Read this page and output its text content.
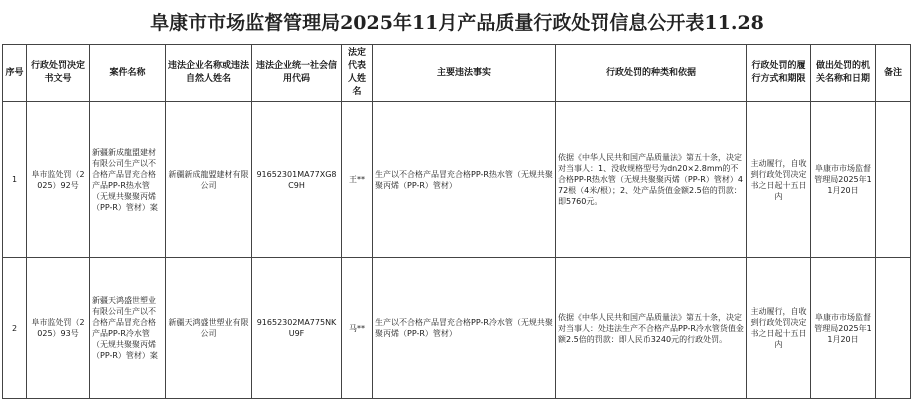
阜康市市场监督管理局2025年11月产品质量行政处罚信息公开表11.28
序号	行政处罚决定书文号	案件名称	违法企业名称或违法自然人姓名	违法企业统一社会信用代码	法定代表人姓名	主要违法事实	行政处罚的种类和依据	行政处罚的履行方式和期限	做出处罚的机关名称和日期	备注
1	阜市监处罚（2025）92号	新疆新成龍盟建材有限公司生产以不合格产品冒充合格产品PP-R热水管（无规共聚聚丙烯（PP-R）管材）案	新疆新成龍盟建材有限公司	91652301MA77XG8C9H	王**	生产以不合格产品冒充合格PP-R热水管（无规共聚聚丙烯（PP-R）管材）	依据《中华人民共和国产品质量法》第五十条，决定对当事人：1、没收规格型号为dn20×2.8mm的不合格PP-R热水管（无规共聚聚丙烯（PP-R）管材）472根（4米/根）；2、处产品货值金额2.5倍的罚款：即5760元。	主动履行，自收到行政处罚决定书之日起十五日内	阜康市市场监督管理局2025年11月20日	
2	阜市监处罚（2025）93号	新疆天鸿盛世塑业有限公司生产以不合格产品冒充合格产品PP-R冷水管（无规共聚聚丙烯（PP-R）管材）案	新疆天鸿盛世塑业有限公司	91652302MA775NKU9F	马**	生产以不合格产品冒充合格PP-R冷水管（无规共聚聚丙烯（PP-R）管材）	依据《中华人民共和国产品质量法》第五十条，决定对当事人：处违法生产不合格产品PP-R冷水管货值金额2.5倍的罚款：即人民币3240元的行政处罚。	主动履行，自收到行政处罚决定书之日起十五日内	阜康市市场监督管理局2025年11月20日	
